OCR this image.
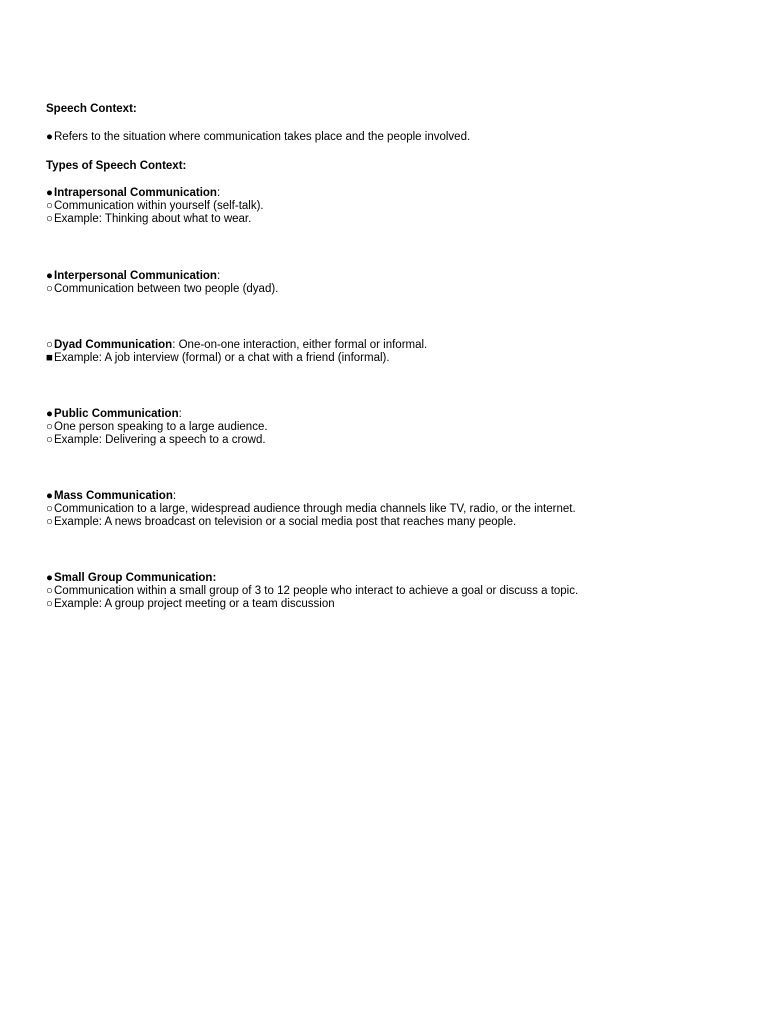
Speech Context:
●Refers to the situation where communication takes place and the people involved.
Types of Speech Context:
●Intrapersonal Communication:
○Communication within yourself (self-talk).
○Example: Thinking about what to wear.
●Interpersonal Communication:
○Communication between two people (dyad).
○Dyad Communication: One-on-one interaction, either formal or informal.
■Example: A job interview (formal) or a chat with a friend (informal).
●Public Communication:
○One person speaking to a large audience.
○Example: Delivering a speech to a crowd.
●Mass Communication:
○Communication to a large, widespread audience through media channels like TV, radio, or the internet.
○Example: A news broadcast on television or a social media post that reaches many people.
●Small Group Communication:
○Communication within a small group of 3 to 12 people who interact to achieve a goal or discuss a topic.
○Example: A group project meeting or a team discussion
